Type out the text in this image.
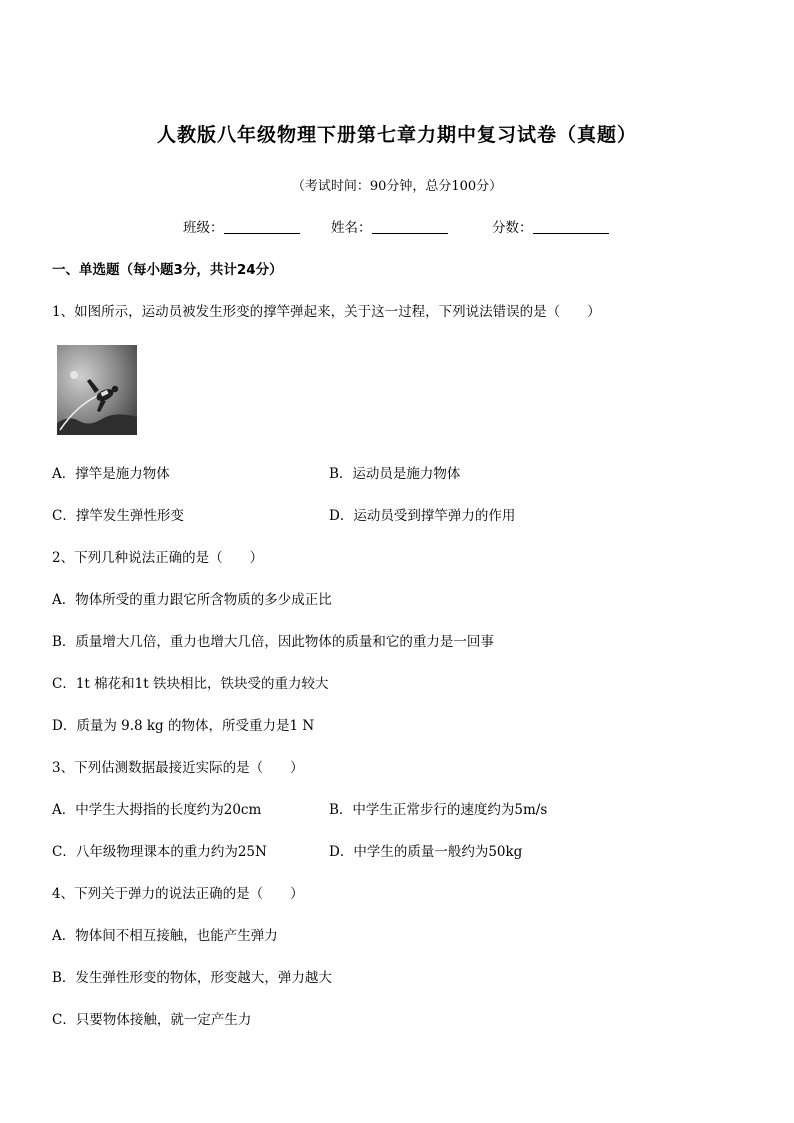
人教版八年级物理下册第七章力期中复习试卷（真题）
（考试时间：90分钟，总分100分）
班级：	姓名：	分数：
一、单选题（每小题3分，共计24分）
1、如图所示，运动员被发生形变的撑竿弹起来，关于这一过程，下列说法错误的是（　　）
A．撑竿是施力物体	B．运动员是施力物体
C．撑竿发生弹性形变	D．运动员受到撑竿弹力的作用
2、下列几种说法正确的是（　　）
A．物体所受的重力跟它所含物质的多少成正比
B．质量增大几倍，重力也增大几倍，因此物体的质量和它的重力是一回事
C．1t 棉花和1t 铁块相比，铁块受的重力较大
D．质量为 9.8 kg 的物体，所受重力是1 N
3、下列估测数据最接近实际的是（　　）
A．中学生大拇指的长度约为20cm	B．中学生正常步行的速度约为5m/s
C．八年级物理课本的重力约为25N	D．中学生的质量一般约为50kg
4、下列关于弹力的说法正确的是（　　）
A．物体间不相互接触，也能产生弹力
B．发生弹性形变的物体，形变越大，弹力越大
C．只要物体接触，就一定产生力
